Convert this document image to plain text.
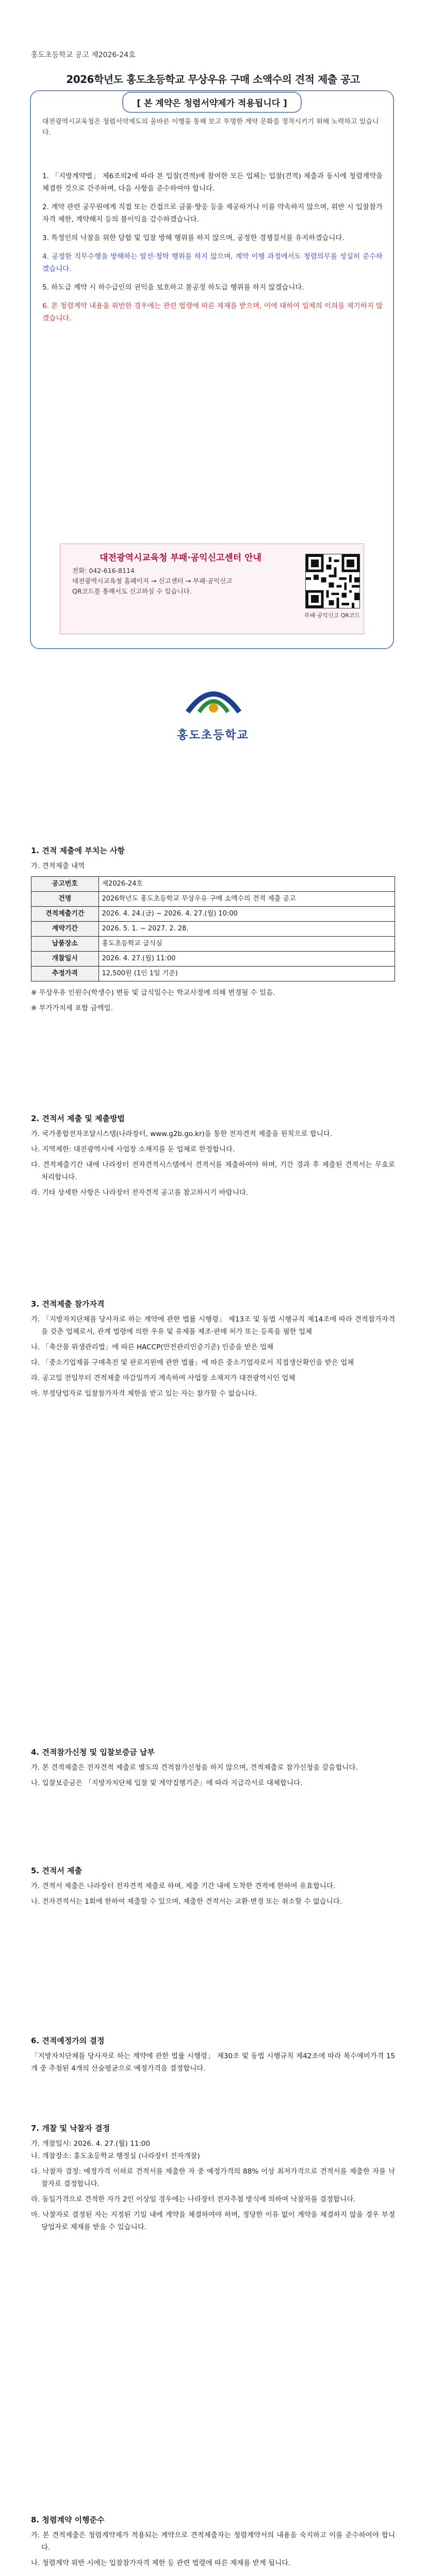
홍도초등학교 공고 제2026-24호
2026학년도 홍도초등학교 무상우유 구매 소액수의 견적 제출 공고
[ 본 계약은 청렴서약제가 적용됩니다 ]
대전광역시교육청은 청렴서약제도의 올바른 이행을 통해 보고 투명한 계약 문화를 정착시키기 위해 노력하고 있습니다.
1. 「지방계약법」 제6조의2에 따라 본 입찰(견적)에 참여한 모든 업체는 입찰(견적) 제출과 동시에 청렴계약을 체결한 것으로 간주하며, 다음 사항을 준수하여야 합니다.
2. 계약 관련 공무원에게 직접 또는 간접으로 금품·향응 등을 제공하거나 이를 약속하지 않으며, 위반 시 입찰참가자격 제한, 계약해지 등의 불이익을 감수하겠습니다.
3. 특정인의 낙찰을 위한 담합 및 입찰 방해 행위를 하지 않으며, 공정한 경쟁질서를 유지하겠습니다.
4. 공정한 직무수행을 방해하는 알선·청탁 행위를 하지 않으며, 계약 이행 과정에서도 청렴의무를 성실히 준수하겠습니다.
5. 하도급 계약 시 하수급인의 권익을 보호하고 불공정 하도급 행위를 하지 않겠습니다.
6. 본 청렴계약 내용을 위반한 경우에는 관련 법령에 따른 제재를 받으며, 이에 대하여 일체의 이의를 제기하지 않겠습니다.
대전광역시교육청 부패·공익신고센터 안내
전화: 042-616-8114
대전광역시교육청 홈페이지 → 신고센터 → 부패·공익신고
QR코드를 통해서도 신고하실 수 있습니다.
부패·공익신고 QR코드
홍도초등학교

1. 견적 제출에 부치는 사항

가. 견적제출 내역

공고번호	제2026-24호
건명	2026학년도 홍도초등학교 무상우유 구매 소액수의 견적 제출 공고
견적제출기간	2026. 4. 24.(금) ~ 2026. 4. 27.(월) 10:00
계약기간	2026. 5. 1. ~ 2027. 2. 28.
납품장소	홍도초등학교 급식실
개찰일시	2026. 4. 27.(월) 11:00
추정가격	12,500원 (1인 1일 기준)

※ 무상우유 인원수(학생수) 변동 및 급식일수는 학교사정에 의해 변경될 수 있음.

※ 부가가치세 포함 금액임.

2. 견적서 제출 및 제출방법

가. 국가종합전자조달시스템(나라장터, www.g2b.go.kr)을 통한 전자견적 제출을 원칙으로 합니다.

나. 지역제한: 대전광역시에 사업장 소재지를 둔 업체로 한정합니다.

다. 견적제출기간 내에 나라장터 전자견적시스템에서 견적서를 제출하여야 하며, 기간 경과 후 제출된 견적서는 무효로 처리합니다.

라. 기타 상세한 사항은 나라장터 전자견적 공고를 참고하시기 바랍니다.

3. 견적제출 참가자격

가. 「지방자치단체를 당사자로 하는 계약에 관한 법률 시행령」 제13조 및 동법 시행규칙 제14조에 따라 견적참가자격을 갖춘 업체로서, 관계 법령에 의한 우유 및 유제품 제조·판매 허가 또는 등록을 필한 업체

나. 「축산물 위생관리법」에 따른 HACCP(안전관리인증기준) 인증을 받은 업체

다. 「중소기업제품 구매촉진 및 판로지원에 관한 법률」에 따른 중소기업자로서 직접생산확인을 받은 업체

라. 공고일 전일부터 견적제출 마감일까지 계속하여 사업장 소재지가 대전광역시인 업체

마. 부정당업자로 입찰참가자격 제한을 받고 있는 자는 참가할 수 없습니다.

4. 견적참가신청 및 입찰보증금 납부

가. 본 견적제출은 전자견적 제출로 별도의 견적참가신청을 하지 않으며, 견적제출로 참가신청을 갈음합니다.

나. 입찰보증금은 「지방자치단체 입찰 및 계약집행기준」에 따라 지급각서로 대체합니다.

5. 견적서 제출

가. 견적서 제출은 나라장터 전자견적 제출로 하며, 제출 기간 내에 도착한 견적에 한하여 유효합니다.

나. 전자견적서는 1회에 한하여 제출할 수 있으며, 제출한 견적서는 교환·변경 또는 취소할 수 없습니다.

6. 견적예정가의 결정

「지방자치단체를 당사자로 하는 계약에 관한 법률 시행령」 제30조 및 동법 시행규칙 제42조에 따라 복수예비가격 15개 중 추첨된 4개의 산술평균으로 예정가격을 결정합니다.

7. 개찰 및 낙찰자 결정

가. 개찰일시: 2026. 4. 27.(월) 11:00

나. 개찰장소: 홍도초등학교 행정실 (나라장터 전자개찰)

다. 낙찰자 결정: 예정가격 이하로 견적서를 제출한 자 중 예정가격의 88% 이상 최저가격으로 견적서를 제출한 자를 낙찰자로 결정합니다.

라. 동일가격으로 견적한 자가 2인 이상일 경우에는 나라장터 전자추첨 방식에 의하여 낙찰자를 결정합니다.

마. 낙찰자로 결정된 자는 지정된 기일 내에 계약을 체결하여야 하며, 정당한 이유 없이 계약을 체결하지 않을 경우 부정당업자로 제재를 받을 수 있습니다.

8. 청렴계약 이행준수

가. 본 견적제출은 청렴계약제가 적용되는 계약으로 견적제출자는 청렴계약서의 내용을 숙지하고 이를 준수하여야 합니다.

나. 청렴계약 위반 시에는 입찰참가자격 제한 등 관련 법령에 따른 제재를 받게 됩니다.
